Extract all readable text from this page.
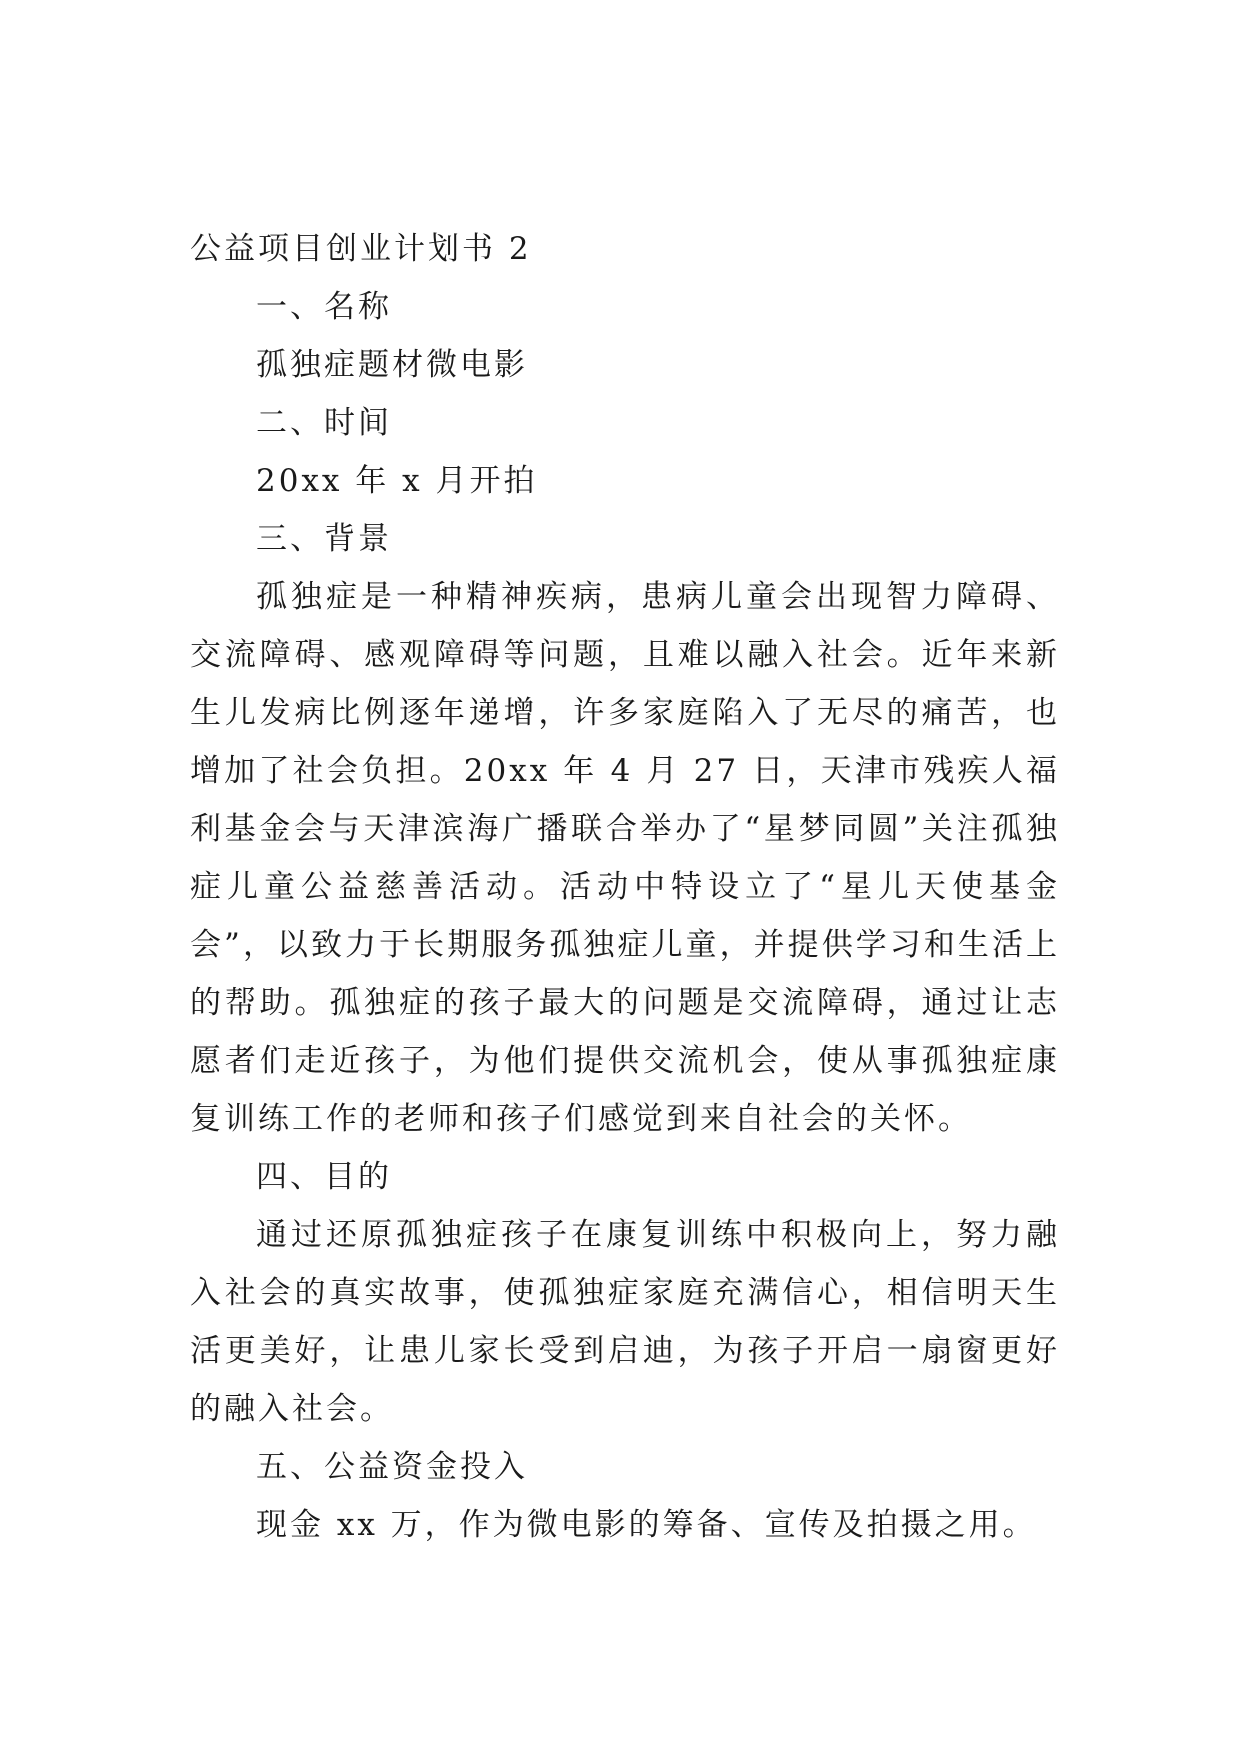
公益项目创业计划书 2

一、名称

孤独症题材微电影

二、时间

20xx 年 x 月开拍

三、背景

孤独症是一种精神疾病，患病儿童会出现智力障碍、交流障碍、感观障碍等问题，且难以融入社会。近年来新生儿发病比例逐年递增，许多家庭陷入了无尽的痛苦，也增加了社会负担。20xx 年 4 月 27 日，天津市残疾人福利基金会与天津滨海广播联合举办了“星梦同圆”关注孤独症儿童公益慈善活动。活动中特设立了“星儿天使基金会”，以致力于长期服务孤独症儿童，并提供学习和生活上的帮助。孤独症的孩子最大的问题是交流障碍，通过让志愿者们走近孩子，为他们提供交流机会，使从事孤独症康复训练工作的老师和孩子们感觉到来自社会的关怀。

四、目的

通过还原孤独症孩子在康复训练中积极向上，努力融入社会的真实故事，使孤独症家庭充满信心，相信明天生活更美好，让患儿家长受到启迪，为孩子开启一扇窗更好的融入社会。

五、公益资金投入

现金 xx 万，作为微电影的筹备、宣传及拍摄之用。
